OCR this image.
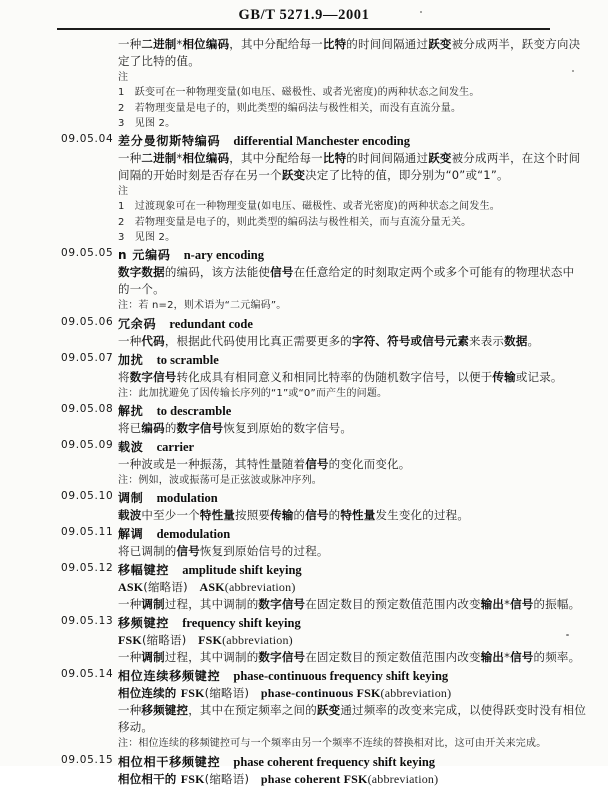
GB/T 5271.9—2001
一种二进制*相位编码，其中分配给每一比特的时间间隔通过跃变被分成两半，跃变方向决
定了比特的值。
注
1　跃变可在一种物理变量(如电压、磁极性、或者光密度)的两种状态之间发生。
2　若物理变量是电子的，则此类型的编码法与极性相关，而没有直流分量。
3　见图 2。
09.05.04 差分曼彻斯特编码 differential Manchester encoding
一种二进制*相位编码，其中分配给每一比特的时间间隔通过跃变被分成两半，在这个时间
间隔的开始时刻是否存在另一个跃变决定了比特的值，即分别为“0”或“1”。
注
1　过渡现象可在一种物理变量(如电压、磁极性、或者光密度)的两种状态之间发生。
2　若物理变量是电子的，则此类型的编码法与极性相关，而与直流分量无关。
3　见图 2。
09.05.05 n 元编码 n-ary encoding
数字数据的编码，该方法能使信号在任意给定的时刻取定两个或多个可能有的物理状态中
的一个。
注：若 n=2，则术语为“二元编码”。
09.05.06 冗余码 redundant code
一种代码，根据此代码使用比真正需要更多的字符、符号或信号元素来表示数据。
09.05.07 加扰 to scramble
将数字信号转化成具有相同意义和相同比特率的伪随机数字信号，以便于传输或记录。
注：此加扰避免了因传输长序列的“1”或“0”而产生的问题。
09.05.08 解扰 to descramble
将已编码的数字信号恢复到原始的数字信号。
09.05.09 载波 carrier
一种波或是一种振荡，其特性量随着信号的变化而变化。
注：例如，波或振荡可是正弦波或脉冲序列。
09.05.10 调制 modulation
载波中至少一个特性量按照要传输的信号的特性量发生变化的过程。
09.05.11 解调 demodulation
将已调制的信号恢复到原始信号的过程。
09.05.12 移幅键控 amplitude shift keying
ASK(缩略语)　 ASK(abbreviation)
一种调制过程，其中调制的数字信号在固定数目的预定数值范围内改变输出*信号的振幅。
09.05.13 移频键控 frequency shift keying
FSK(缩略语)　 FSK(abbreviation)
一种调制过程，其中调制的数字信号在固定数目的预定数值范围内改变输出*信号的频率。
09.05.14 相位连续移频键控 phase-continuous frequency shift keying
相位连续的 FSK(缩略语)　 phase-continuous FSK(abbreviation)
一种移频键控，其中在预定频率之间的跃变通过频率的改变来完成，以使得跃变时没有相位
移动。
注：相位连续的移频键控可与一个频率由另一个频率不连续的替换相对比，这可由开关来完成。
09.05.15 相位相干移频键控 phase coherent frequency shift keying
相位相干的 FSK(缩略语)　 phase coherent FSK(abbreviation)
